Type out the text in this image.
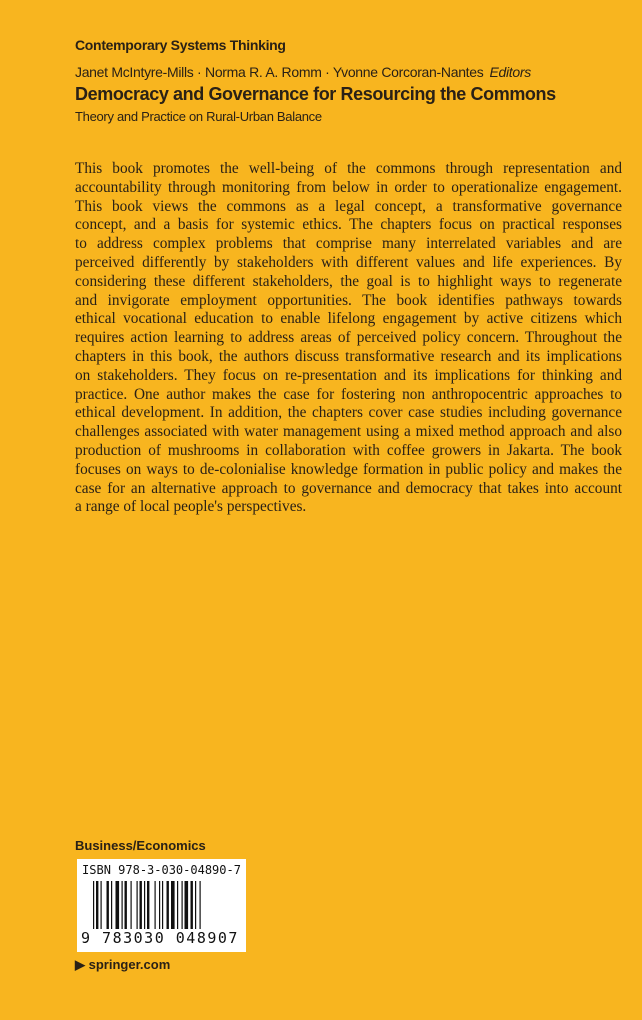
Contemporary Systems Thinking
Janet McIntyre-Mills · Norma R. A. Romm · Yvonne Corcoran-Nantes Editors
Democracy and Governance for Resourcing the Commons
Theory and Practice on Rural-Urban Balance
This book promotes the well-being of the commons through representation and
accountability through monitoring from below in order to operationalize engagement.
This book views the commons as a legal concept, a transformative governance
concept, and a basis for systemic ethics. The chapters focus on practical responses
to address complex problems that comprise many interrelated variables and are
perceived differently by stakeholders with different values and life experiences. By
considering these different stakeholders, the goal is to highlight ways to regenerate
and invigorate employment opportunities. The book identifies pathways towards
ethical vocational education to enable lifelong engagement by active citizens which
requires action learning to address areas of perceived policy concern. Throughout the
chapters in this book, the authors discuss transformative research and its implications
on stakeholders. They focus on re-presentation and its implications for thinking and
practice. One author makes the case for fostering non anthropocentric approaches to
ethical development. In addition, the chapters cover case studies including governance
challenges associated with water management using a mixed method approach and also
production of mushrooms in collaboration with coffee growers in Jakarta. The book
focuses on ways to de-colonialise knowledge formation in public policy and makes the
case for an alternative approach to governance and democracy that takes into account
a range of local people's perspectives.
Business/Economics
ISBN 978-3-030-04890-7
9 783030 048907
▶ springer.com
